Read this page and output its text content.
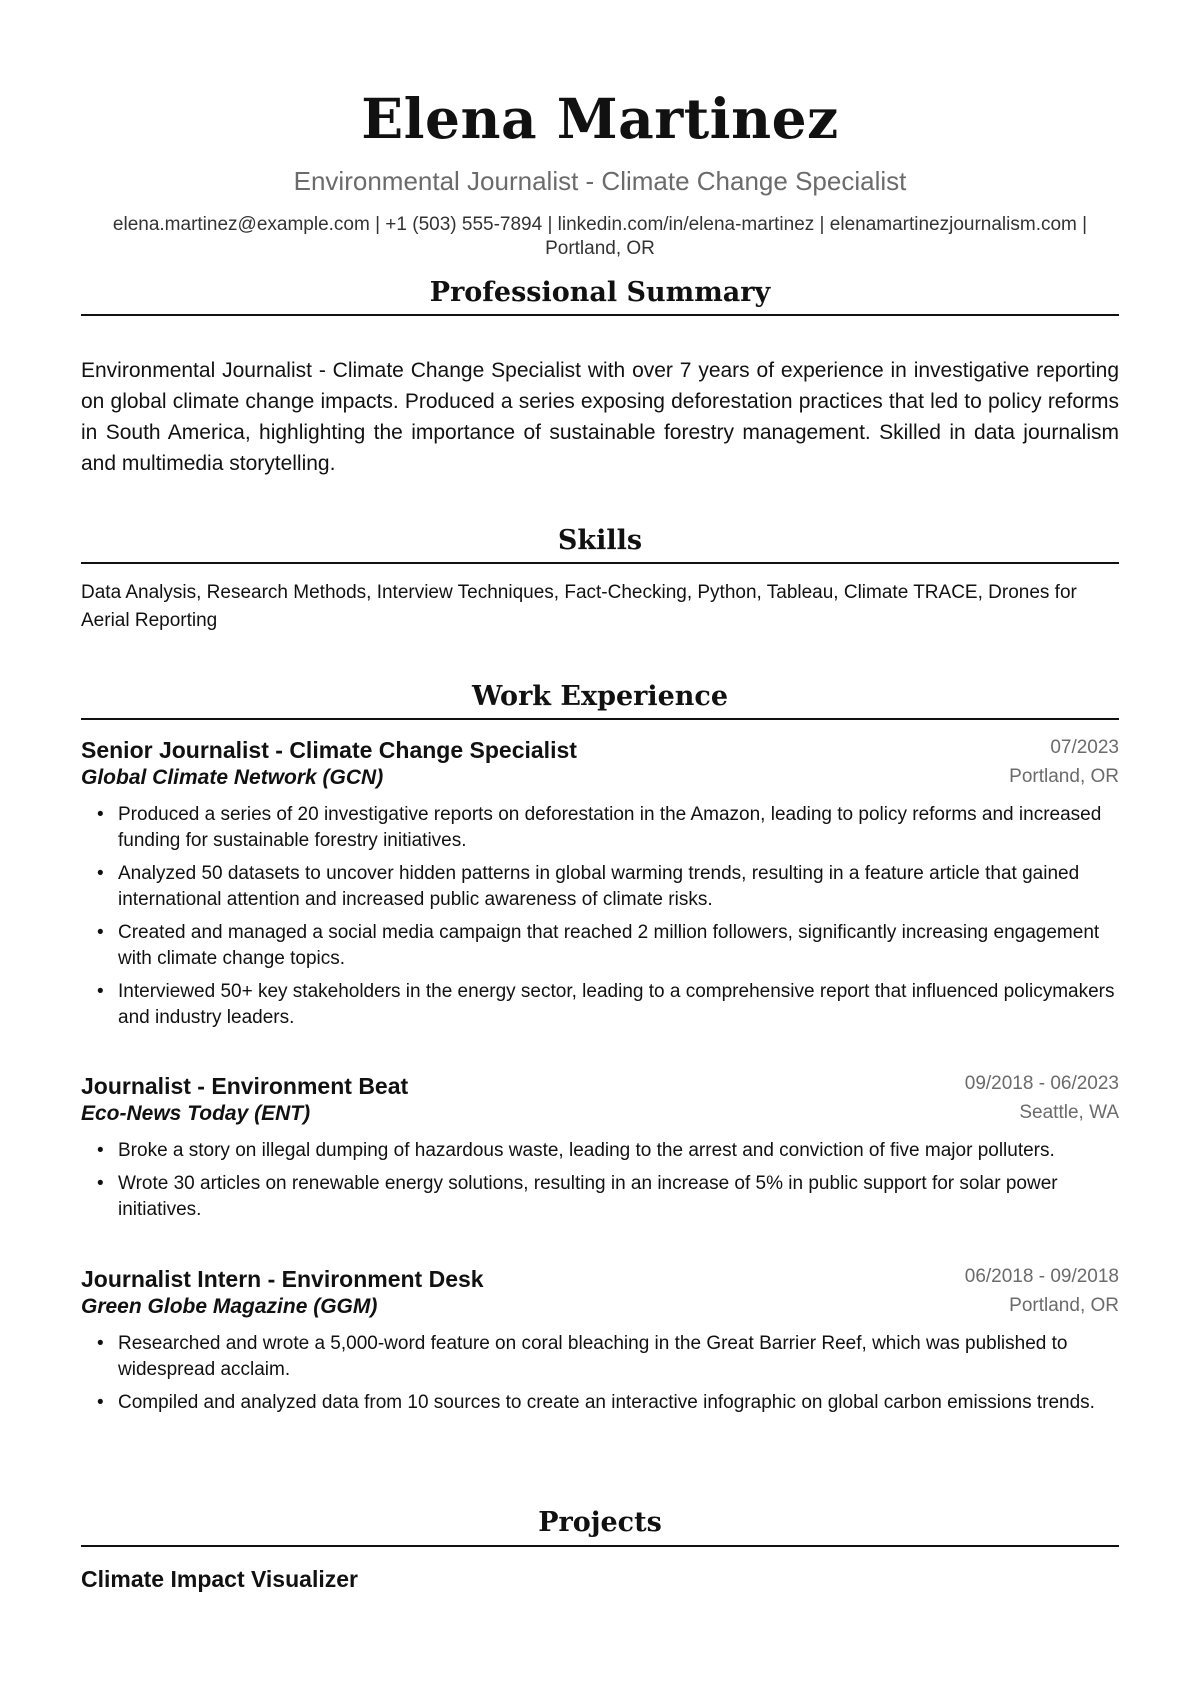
Elena Martinez
Environmental Journalist - Climate Change Specialist
elena.martinez@example.com | +1 (503) 555-7894 | linkedin.com/in/elena-martinez | elenamartinezjournalism.com |
Portland, OR
Professional Summary
Environmental Journalist - Climate Change Specialist with over 7 years of experience in investigative reporting on global climate change impacts. Produced a series exposing deforestation practices that led to policy reforms in South America, highlighting the importance of sustainable forestry management. Skilled in data journalism and multimedia storytelling.
Skills
Data Analysis, Research Methods, Interview Techniques, Fact-Checking, Python, Tableau, Climate TRACE, Drones for Aerial Reporting
Work Experience
Senior Journalist - Climate Change Specialist	07/2023
Global Climate Network (GCN)	Portland, OR
• Produced a series of 20 investigative reports on deforestation in the Amazon, leading to policy reforms and increased funding for sustainable forestry initiatives.
• Analyzed 50 datasets to uncover hidden patterns in global warming trends, resulting in a feature article that gained international attention and increased public awareness of climate risks.
• Created and managed a social media campaign that reached 2 million followers, significantly increasing engagement with climate change topics.
• Interviewed 50+ key stakeholders in the energy sector, leading to a comprehensive report that influenced policymakers and industry leaders.
Journalist - Environment Beat	09/2018 - 06/2023
Eco-News Today (ENT)	Seattle, WA
• Broke a story on illegal dumping of hazardous waste, leading to the arrest and conviction of five major polluters.
• Wrote 30 articles on renewable energy solutions, resulting in an increase of 5% in public support for solar power initiatives.
Journalist Intern - Environment Desk	06/2018 - 09/2018
Green Globe Magazine (GGM)	Portland, OR
• Researched and wrote a 5,000-word feature on coral bleaching in the Great Barrier Reef, which was published to widespread acclaim.
• Compiled and analyzed data from 10 sources to create an interactive infographic on global carbon emissions trends.
Projects
Climate Impact Visualizer
